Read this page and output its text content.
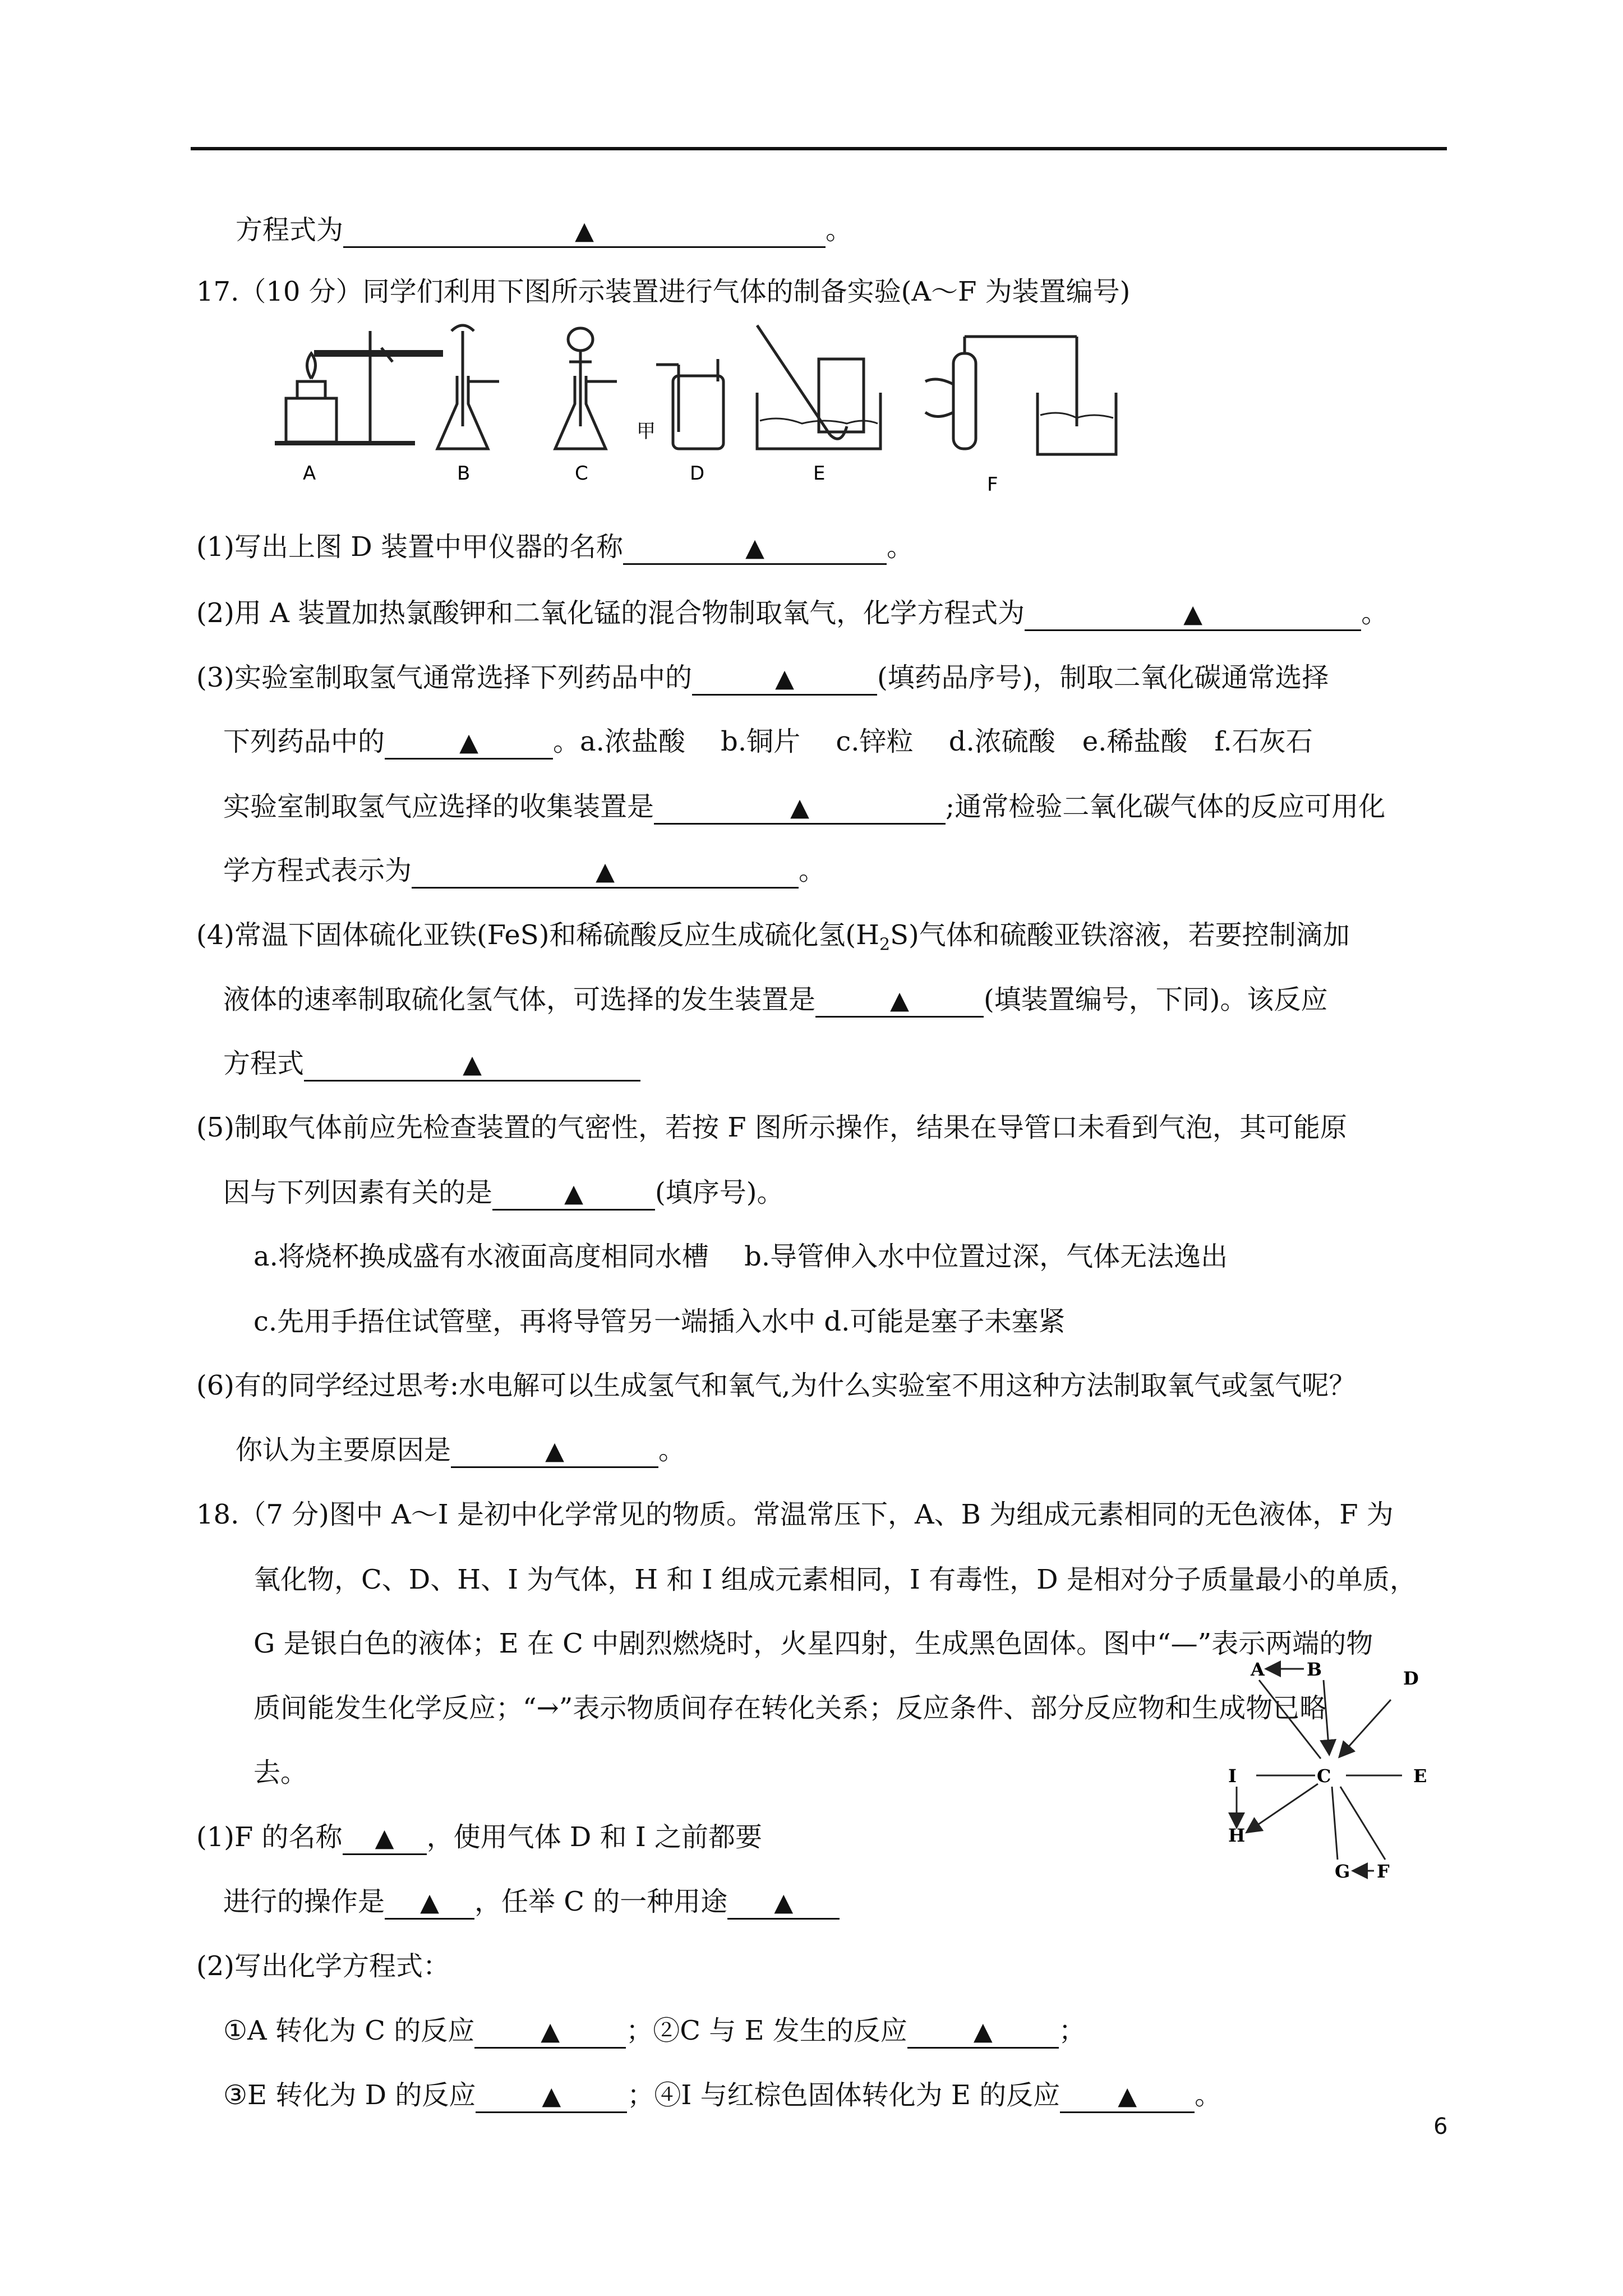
方程式为	▲	。
17.（10 分）同学们利用下图所示装置进行气体的制备实验(A～F 为装置编号)
A	B	C
甲
D	E	F
(1)写出上图 D 装置中甲仪器的名称	▲	。
(2)用 A 装置加热氯酸钾和二氧化锰的混合物制取氧气，化学方程式为	▲	。
(3)实验室制取氢气通常选择下列药品中的	▲	(填药品序号)，制取二氧化碳通常选择
下列药品中的	▲	。a.浓盐酸　 b.铜片　 c.锌粒　 d.浓硫酸　e.稀盐酸　f.石灰石
实验室制取氢气应选择的收集装置是	▲	;通常检验二氧化碳气体的反应可用化
学方程式表示为	▲	。
(4)常温下固体硫化亚铁(FeS)和稀硫酸反应生成硫化氢$(H_2S)$气体和硫酸亚铁溶液，若要控制滴加
液体的速率制取硫化氢气体，可选择的发生装置是	▲	(填装置编号，下同)。该反应
方程式	▲
(5)制取气体前应先检查装置的气密性，若按 F 图所示操作，结果在导管口未看到气泡，其可能原
因与下列因素有关的是	▲	(填序号)。
a.将烧杯换成盛有水液面高度相同水槽　 b.导管伸入水中位置过深，气体无法逸出
c.先用手捂住试管壁，再将导管另一端插入水中 d.可能是塞子未塞紧
(6)有的同学经过思考:水电解可以生成氢气和氧气,为什么实验室不用这种方法制取氧气或氢气呢？
你认为主要原因是	▲	。
18.（7 分)图中 A～I 是初中化学常见的物质。常温常压下，A、B 为组成元素相同的无色液体，F 为
氧化物，C、D、H、I 为气体，H 和 I 组成元素相同，I 有毒性，D 是相对分子质量最小的单质，
G 是银白色的液体；E 在 C 中剧烈燃烧时，火星四射，生成黑色固体。图中“—”表示两端的物
质间能发生化学反应；“→”表示物质间存在转化关系；反应条件、部分反应物和生成物已略
去。
A B
C
D
E
F
G
H
I
(1)F 的名称 ▲ ，使用气体 D 和 I 之前都要
进行的操作是 ▲ ，任举 C 的一种用途 ▲
(2)写出化学方程式：
①A 转化为 C 的反应	▲ ；②C 与 E 发生的反应	▲ ；
③E 转化为 D 的反应	▲ ；④I 与红棕色固体转化为 E 的反应 ▲ 。
6
